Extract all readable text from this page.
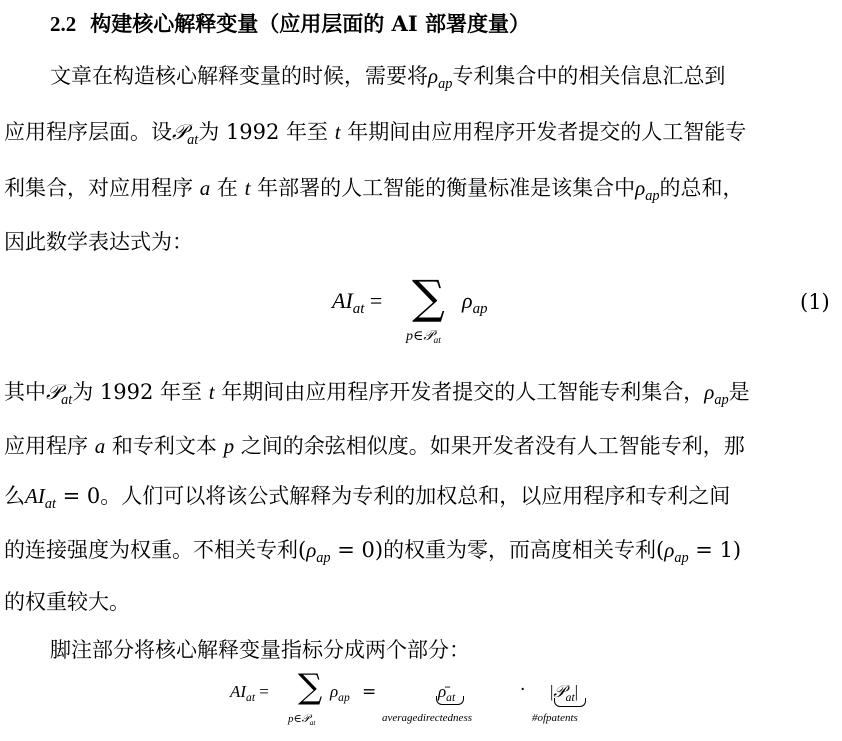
2.2 构建核心解释变量（应用层面的 AI 部署度量）
文章在构造核心解释变量的时候，需要将$\rho_{ap}$专利集合中的相关信息汇总到
应用程序层面。设𝒫$_{at}$为 1992 年至 t 年期间由应用程序开发者提交的人工智能专
利集合，对应用程序 a 在 t 年部署的人工智能的衡量标准是该集合中$\rho_{ap}$的总和，
因此数学表达式为：
$AI_{at}$ = ∑
p∈𝒫$_{at}$
$\rho_{ap}$	(1)
其中𝒫$_{at}$为 1992 年至 t 年期间由应用程序开发者提交的人工智能专利集合，$\rho_{ap}$是
应用程序 a 和专利文本 p 之间的余弦相似度。如果开发者没有人工智能专利，那
么$AI_{at} = 0$。人们可以将该公式解释为专利的加权总和，以应用程序和专利之间
的连接强度为权重。不相关专利$(\rho_{ap} = 0)$的权重为零，而高度相关专利$(\rho_{ap} = 1)$
的权重较大。
脚注部分将核心解释变量指标分成两个部分：
$AI_{at}$ = ∑
p∈𝒫$_{at}$
$\rho_{ap}$ =	$\rhō_{at}$
averagedirectedness
· |𝒫$_{at}$|
#ofpatents
